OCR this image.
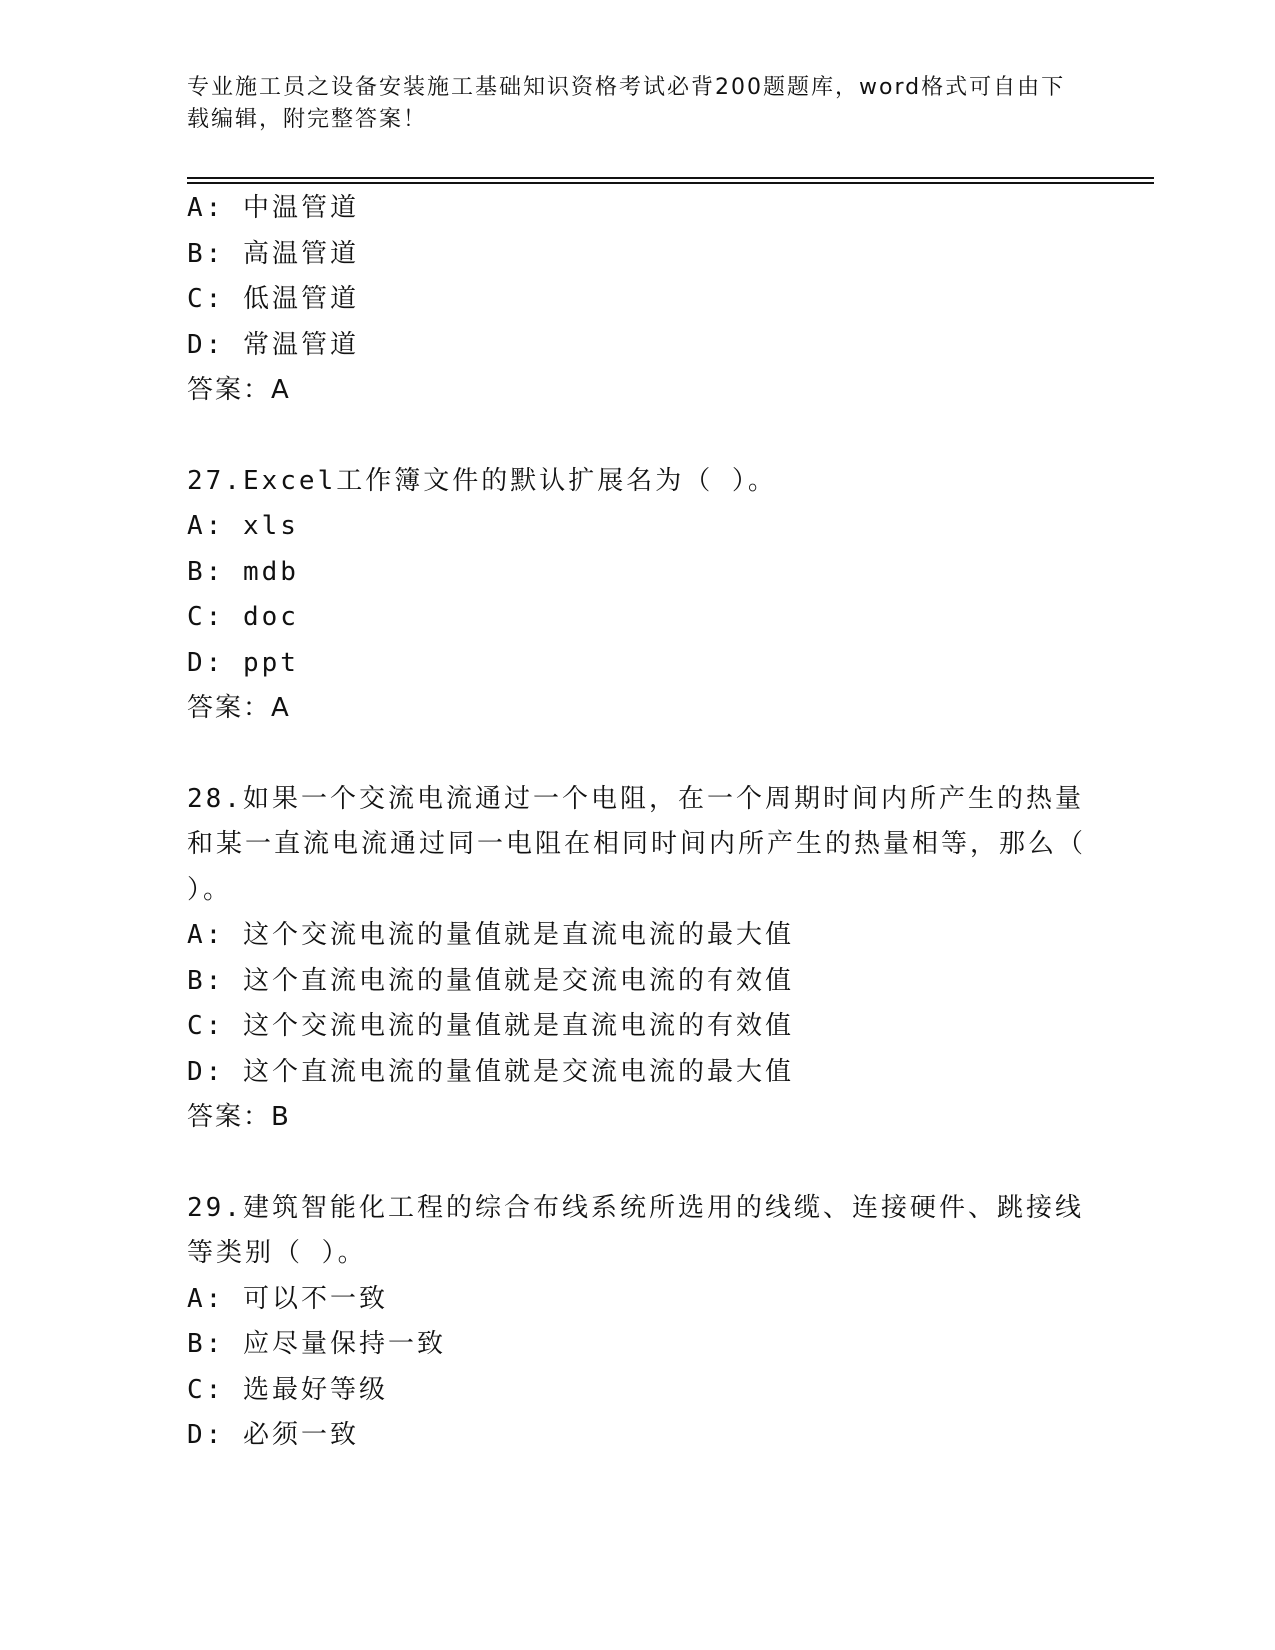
专业施工员之设备安装施工基础知识资格考试必背200题题库，word格式可自由下载编辑，附完整答案！
A: 中温管道
B: 高温管道
C: 低温管道
D: 常温管道
答案：A
27.Excel工作簿文件的默认扩展名为（ ）。
A: xls
B: mdb
C: doc
D: ppt
答案：A
28.如果一个交流电流通过一个电阻，在一个周期时间内所产生的热量和某一直流电流通过同一电阻在相同时间内所产生的热量相等，那么（ ）。
A: 这个交流电流的量值就是直流电流的最大值
B: 这个直流电流的量值就是交流电流的有效值
C: 这个交流电流的量值就是直流电流的有效值
D: 这个直流电流的量值就是交流电流的最大值
答案：B
29.建筑智能化工程的综合布线系统所选用的线缆、连接硬件、跳接线等类别（ ）。
A: 可以不一致
B: 应尽量保持一致
C: 选最好等级
D: 必须一致
